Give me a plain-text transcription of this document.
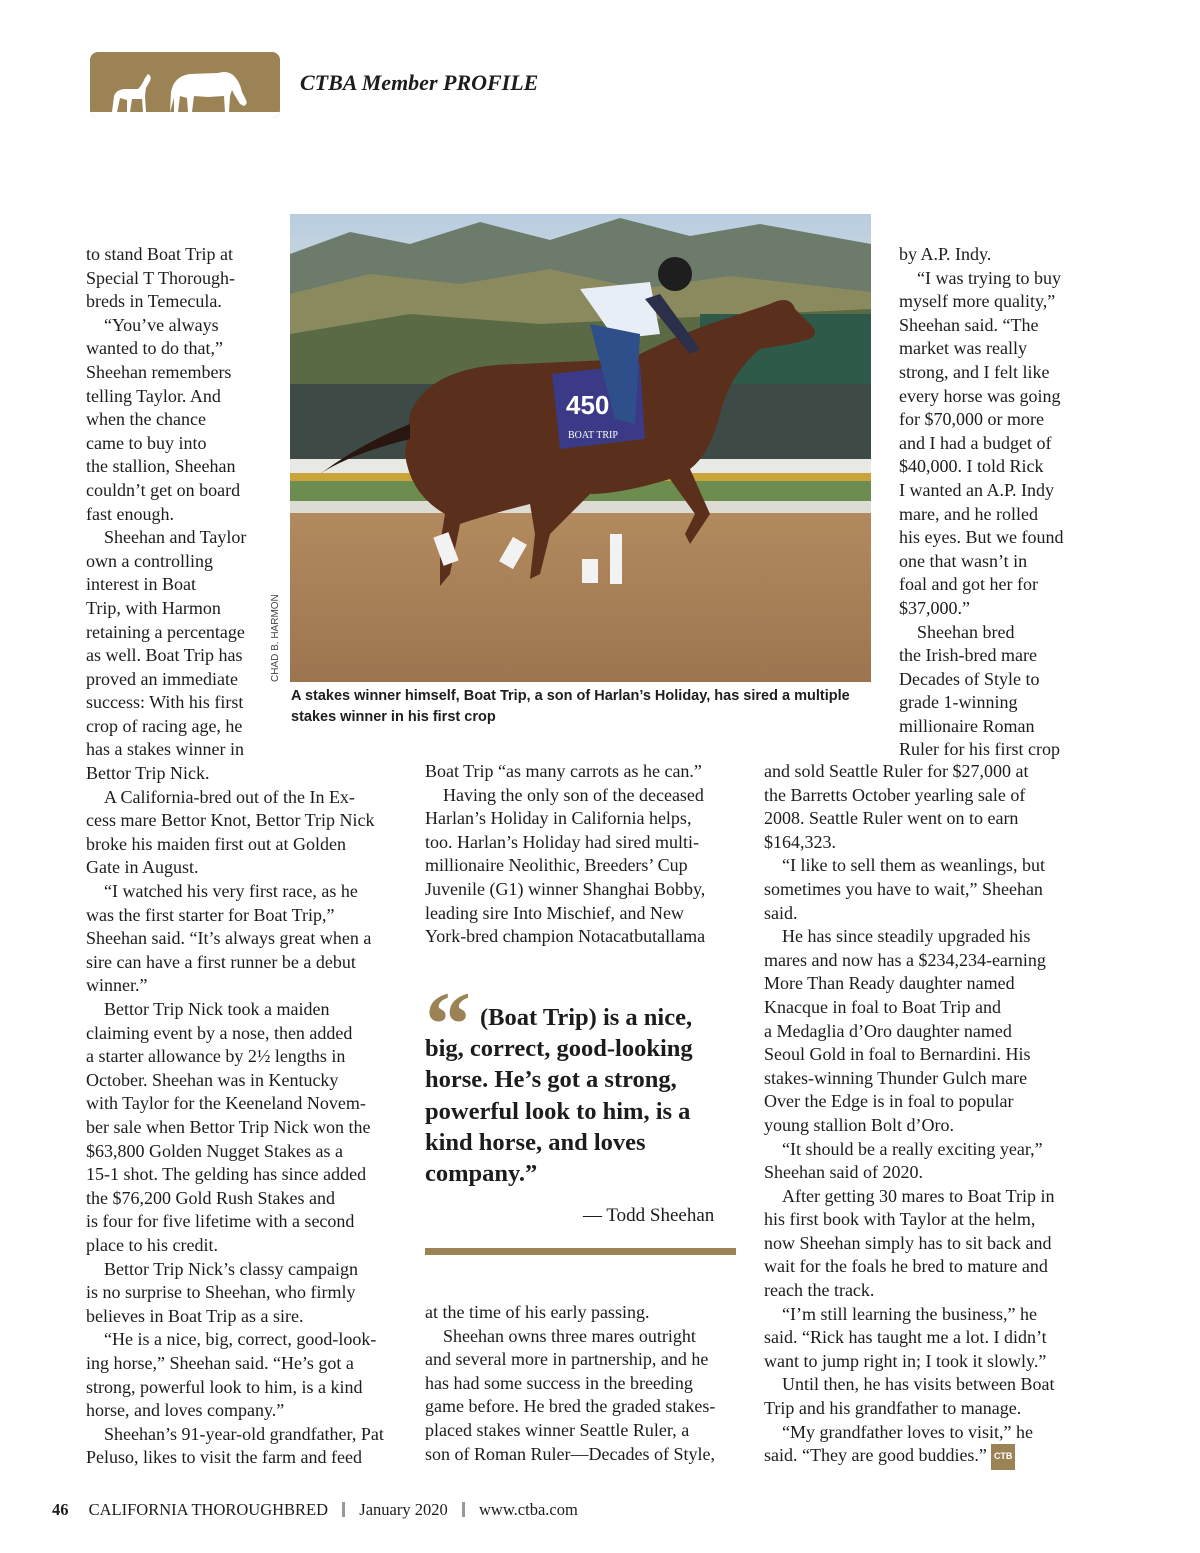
CTBA Member PROFILE
450
BOAT TRIP
CHAD B. HARMON
A stakes winner himself, Boat Trip, a son of Harlan’s Holiday, has sired a multiple stakes winner in his first crop

to stand Boat Trip at

Special T Thorough-

breds in Temecula.

“You’ve always

wanted to do that,”

Sheehan remembers

telling Taylor. And

when the chance

came to buy into

the stallion, Sheehan

couldn’t get on board

fast enough.

Sheehan and Taylor

own a controlling

interest in Boat

Trip, with Harmon

retaining a percentage

as well. Boat Trip has

proved an immediate

success: With his first

crop of racing age, he

has a stakes winner in

Bettor Trip Nick.

A California-bred out of the In Ex-

cess mare Bettor Knot, Bettor Trip Nick

broke his maiden first out at Golden

Gate in August.

“I watched his very first race, as he

was the first starter for Boat Trip,”

Sheehan said. “It’s always great when a

sire can have a first runner be a debut

winner.”

Bettor Trip Nick took a maiden

claiming event by a nose, then added

a starter allowance by 2½ lengths in

October. Sheehan was in Kentucky

with Taylor for the Keeneland Novem-

ber sale when Bettor Trip Nick won the

$63,800 Golden Nugget Stakes as a

15-1 shot. The gelding has since added

the $76,200 Gold Rush Stakes and

is four for five lifetime with a second

place to his credit.

Bettor Trip Nick’s classy campaign

is no surprise to Sheehan, who firmly

believes in Boat Trip as a sire.

“He is a nice, big, correct, good-look-

ing horse,” Sheehan said. “He’s got a

strong, powerful look to him, is a kind

horse, and loves company.”

Sheehan’s 91-year-old grandfather, Pat

Peluso, likes to visit the farm and feed

Boat Trip “as many carrots as he can.”

Having the only son of the deceased

Harlan’s Holiday in California helps,

too. Harlan’s Holiday had sired multi-

millionaire Neolithic, Breeders’ Cup

Juvenile (G1) winner Shanghai Bobby,

leading sire Into Mischief, and New

York-bred champion Notacatbutallama

at the time of his early passing.

Sheehan owns three mares outright

and several more in partnership, and he

has had some success in the breeding

game before. He bred the graded stakes-

placed stakes winner Seattle Ruler, a

son of Roman Ruler—Decades of Style,

by A.P. Indy.

“I was trying to buy

myself more quality,”

Sheehan said. “The

market was really

strong, and I felt like

every horse was going

for $70,000 or more

and I had a budget of

$40,000. I told Rick

I wanted an A.P. Indy

mare, and he rolled

his eyes. But we found

one that wasn’t in

foal and got her for

$37,000.”

Sheehan bred

the Irish-bred mare

Decades of Style to

grade 1-winning

millionaire Roman

Ruler for his first crop

and sold Seattle Ruler for $27,000 at

the Barretts October yearling sale of

2008. Seattle Ruler went on to earn

$164,323.

“I like to sell them as weanlings, but

sometimes you have to wait,” Sheehan

said.

He has since steadily upgraded his

mares and now has a $234,234-earning

More Than Ready daughter named

Knacque in foal to Boat Trip and

a Medaglia d’Oro daughter named

Seoul Gold in foal to Bernardini. His

stakes-winning Thunder Gulch mare

Over the Edge is in foal to popular

young stallion Bolt d’Oro.

“It should be a really exciting year,”

Sheehan said of 2020.

After getting 30 mares to Boat Trip in

his first book with Taylor at the helm,

now Sheehan simply has to sit back and

wait for the foals he bred to mature and

reach the track.

“I’m still learning the business,” he

said. “Rick has taught me a lot. I didn’t

want to jump right in; I took it slowly.”

Until then, he has visits between Boat

Trip and his grandfather to manage.

“My grandfather loves to visit,” he

said. “They are good buddies.” CTB

“ (Boat Trip) is a nice,
big, correct, good-looking
horse. He’s got a strong,
powerful look to him, is a
kind horse, and loves
company.”
— Todd Sheehan
46 CALIFORNIA THOROUGHBRED January 2020 www.ctba.com
